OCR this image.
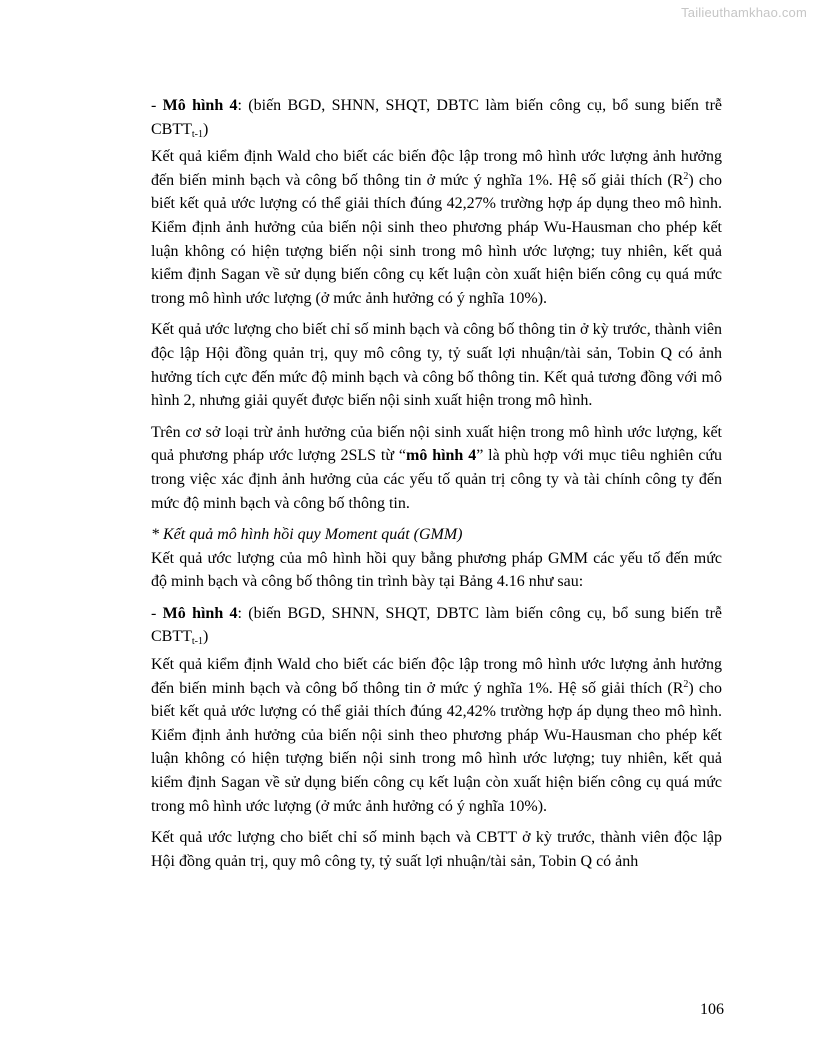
Tailieuthamkhao.com

- Mô hình 4: (biến BGD, SHNN, SHQT, DBTC làm biến công cụ, bổ sung biến trễ $CBTT_{t-1}$)

Kết quả kiểm định Wald cho biết các biến độc lập trong mô hình ước lượng ảnh hưởng đến biến minh bạch và công bố thông tin ở mức ý nghĩa 1%. Hệ số giải thích $(R^2)$ cho biết kết quả ước lượng có thể giải thích đúng 42,27% trường hợp áp dụng theo mô hình. Kiểm định ảnh hưởng của biến nội sinh theo phương pháp Wu-Hausman cho phép kết luận không có hiện tượng biến nội sinh trong mô hình ước lượng; tuy nhiên, kết quả kiểm định Sagan về sử dụng biến công cụ kết luận còn xuất hiện biến công cụ quá mức trong mô hình ước lượng (ở mức ảnh hưởng có ý nghĩa 10%).

Kết quả ước lượng cho biết chỉ số minh bạch và công bố thông tin ở kỳ trước, thành viên độc lập Hội đồng quản trị, quy mô công ty, tỷ suất lợi nhuận/tài sản, Tobin Q có ảnh hưởng tích cực đến mức độ minh bạch và công bố thông tin. Kết quả tương đồng với mô hình 2, nhưng giải quyết được biến nội sinh xuất hiện trong mô hình.

Trên cơ sở loại trừ ảnh hưởng của biến nội sinh xuất hiện trong mô hình ước lượng, kết quả phương pháp ước lượng 2SLS từ “mô hình 4” là phù hợp với mục tiêu nghiên cứu trong việc xác định ảnh hưởng của các yếu tố quản trị công ty và tài chính công ty đến mức độ minh bạch và công bố thông tin.

* Kết quả mô hình hồi quy Moment quát (GMM)

Kết quả ước lượng của mô hình hồi quy bằng phương pháp GMM các yếu tố đến mức độ minh bạch và công bố thông tin trình bày tại Bảng 4.16 như sau:

- Mô hình 4: (biến BGD, SHNN, SHQT, DBTC làm biến công cụ, bổ sung biến trễ $CBTT_{t-1}$)

Kết quả kiểm định Wald cho biết các biến độc lập trong mô hình ước lượng ảnh hưởng đến biến minh bạch và công bố thông tin ở mức ý nghĩa 1%. Hệ số giải thích $(R^2)$ cho biết kết quả ước lượng có thể giải thích đúng 42,42% trường hợp áp dụng theo mô hình. Kiểm định ảnh hưởng của biến nội sinh theo phương pháp Wu-Hausman cho phép kết luận không có hiện tượng biến nội sinh trong mô hình ước lượng; tuy nhiên, kết quả kiểm định Sagan về sử dụng biến công cụ kết luận còn xuất hiện biến công cụ quá mức trong mô hình ước lượng (ở mức ảnh hưởng có ý nghĩa 10%).

Kết quả ước lượng cho biết chỉ số minh bạch và CBTT ở kỳ trước, thành viên độc lập Hội đồng quản trị, quy mô công ty, tỷ suất lợi nhuận/tài sản, Tobin Q có ảnh

106
